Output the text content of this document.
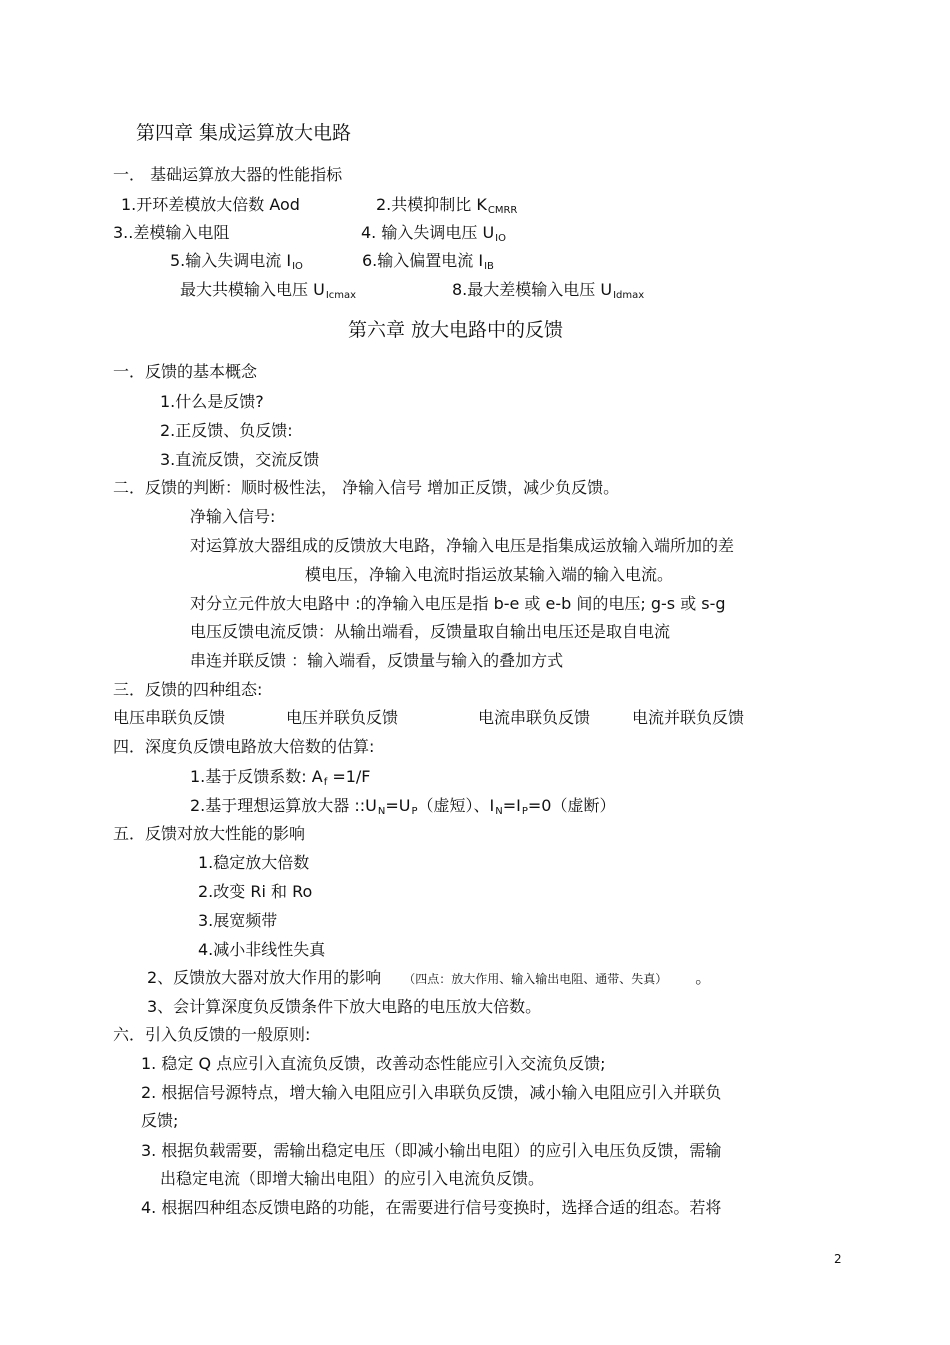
第四章 集成运算放大电路
一． 基础运算放大器的性能指标
1.开环差模放大倍数 Aod	2.共模抑制比 KCMRR
3..差模输入电阻	4. 输入失调电压 UIO
5.输入失调电流 IIO	6.输入偏置电流 IIB
最大共模输入电压 UIcmax	8.最大差模输入电压 UIdmax
第六章 放大电路中的反馈
一．反馈的基本概念
1.什么是反馈?
2.正反馈、负反馈:
3.直流反馈，交流反馈
二．反馈的判断：顺时极性法， 净输入信号 增加正反馈，减少负反馈。
净输入信号:
对运算放大器组成的反馈放大电路，净输入电压是指集成运放输入端所加的差
模电压，净输入电流时指运放某输入端的输入电流。
对分立元件放大电路中 :的净输入电压是指 b-e 或 e-b 间的电压; g-s 或 s-g
电压反馈电流反馈：从输出端看，反馈量取自输出电压还是取自电流
串连并联反馈 ：输入端看，反馈量与输入的叠加方式
三．反馈的四种组态:
电压串联负反馈	电压并联负反馈	电流串联负反馈	电流并联负反馈
四．深度负反馈电路放大倍数的估算:
1.基于反馈系数: Af =1/F
2.基于理想运算放大器 ::UN=UP（虚短）、IN=IP=0（虚断）
五．反馈对放大性能的影响
1.稳定放大倍数
2.改变 Ri 和 Ro
3.展宽频带
4.减小非线性失真
2、反馈放大器对放大作用的影响 （四点：放大作用、输入输出电阻、通带、失真） 。
3、会计算深度负反馈条件下放大电路的电压放大倍数。
六．引入负反馈的一般原则:
1. 稳定 Q 点应引入直流负反馈，改善动态性能应引入交流负反馈;
2. 根据信号源特点，增大输入电阻应引入串联负反馈，减小输入电阻应引入并联负
反馈;
3. 根据负载需要，需输出稳定电压（即减小输出电阻）的应引入电压负反馈，需输
出稳定电流（即增大输出电阻）的应引入电流负反馈。
4. 根据四种组态反馈电路的功能，在需要进行信号变换时，选择合适的组态。若将
2
